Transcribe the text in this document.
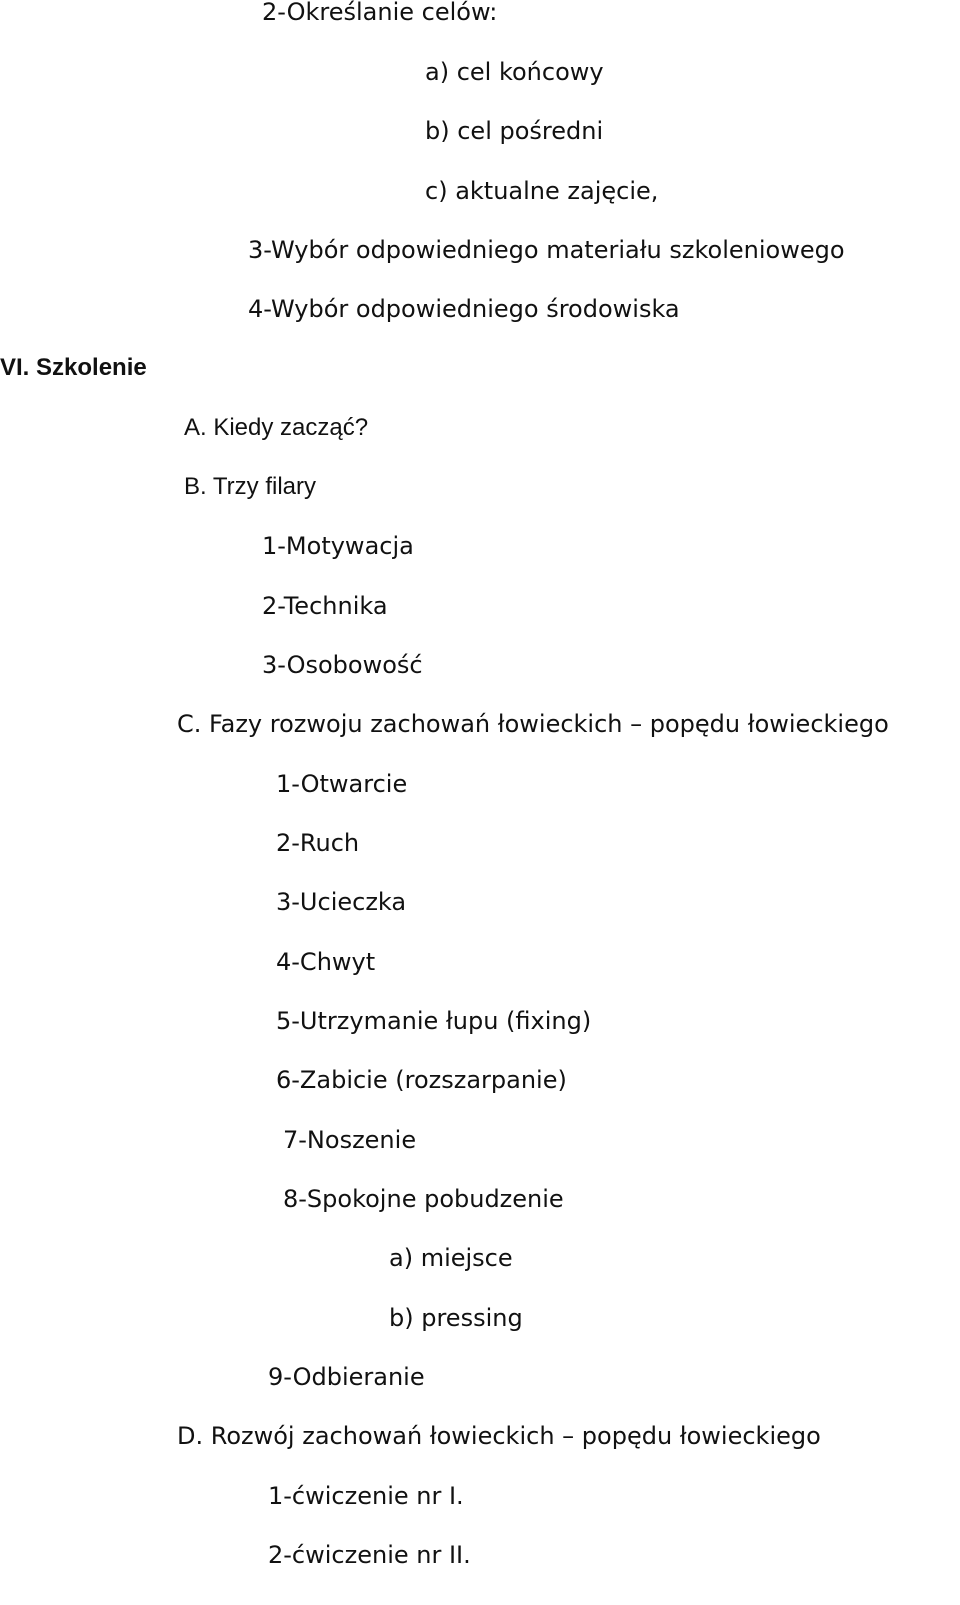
2-Określanie celów:
a) cel końcowy
b) cel pośredni
c) aktualne zajęcie,
3-Wybór odpowiedniego materiału szkoleniowego
4-Wybór odpowiedniego środowiska
VI. Szkolenie
A. Kiedy zacząć?
B. Trzy filary
1-Motywacja
2-Technika
3-Osobowość
C. Fazy rozwoju zachowań łowieckich – popędu łowieckiego
1-Otwarcie
2-Ruch
3-Ucieczka
4-Chwyt
5-Utrzymanie łupu (fixing)
6-Zabicie (rozszarpanie)
7-Noszenie
8-Spokojne pobudzenie
a) miejsce
b) pressing
9-Odbieranie
D. Rozwój zachowań łowieckich – popędu łowieckiego
1-ćwiczenie nr I.
2-ćwiczenie nr II.
